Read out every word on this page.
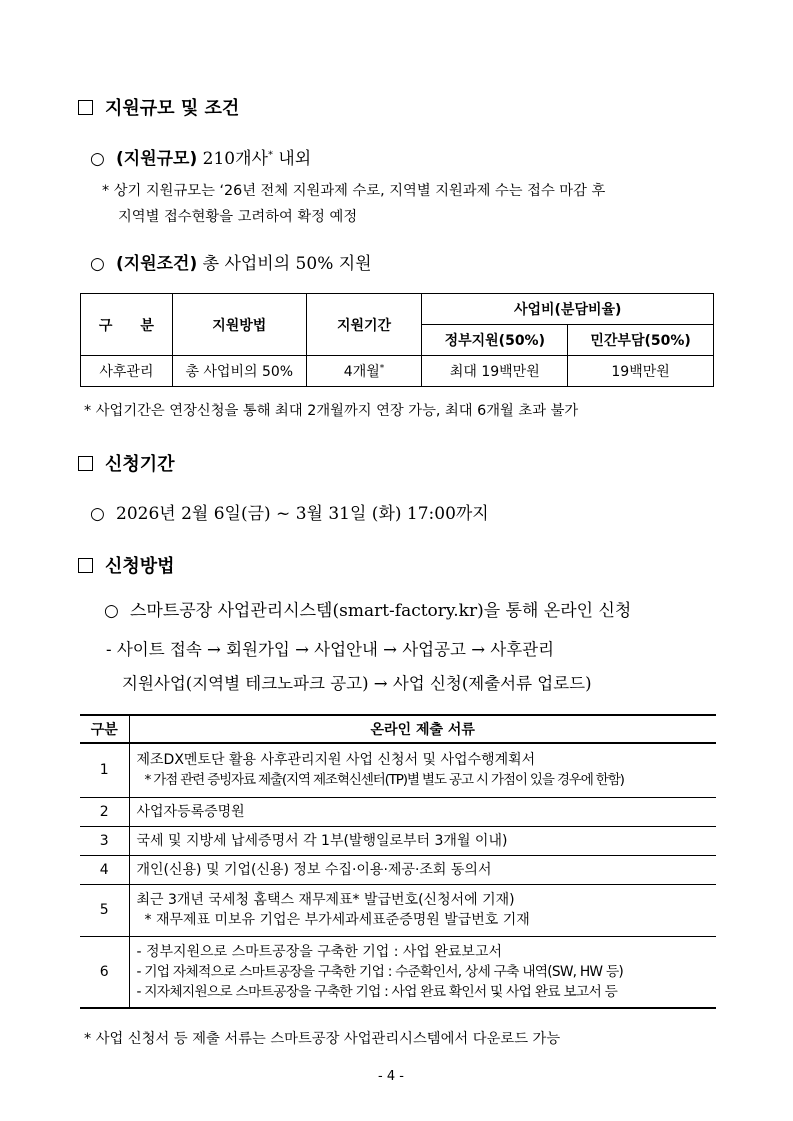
지원규모 및 조건
○ (지원규모) 210개사* 내외
* 상기 지원규모는 ‘26년 전체 지원과제 수로, 지역별 지원과제 수는 접수 마감 후
지역별 접수현황을 고려하여 확정 예정
○ (지원조건) 총 사업비의 50% 지원
구　　분	지원방법	지원기간	사업비(분담비율)	
			정부지원(50%)	민간부담(50%)
사후관리	총 사업비의 50%	4개월*	최대 19백만원	19백만원
* 사업기간은 연장신청을 통해 최대 2개월까지 연장 가능, 최대 6개월 초과 불가
신청기간
○ 2026년 2월 6일(금) ~ 3월 31일 (화) 17:00까지
신청방법
○ 스마트공장 사업관리시스템(smart-factory.kr)을 통해 온라인 신청
- 사이트 접속 → 회원가입 → 사업안내 → 사업공고 → 사후관리
지원사업(지역별 테크노파크 공고) → 사업 신청(제출서류 업로드)
구분	온라인 제출 서류
1	제조DX멘토단 활용 사후관리지원 사업 신청서 및 사업수행계획서
* 가점 관련 증빙자료 제출(지역 제조혁신센터(TP)별 별도 공고 시 가점이 있을 경우에 한함)

2	사업자등록증명원
3	국세 및 지방세 납세증명서 각 1부(발행일로부터 3개월 이내)
4	개인(신용) 및 기업(신용) 정보 수집·이용·제공·조회 동의서
5	최근 3개년 국세청 홈택스 재무제표* 발급번호(신청서에 기재)
* 재무제표 미보유 기업은 부가세과세표준증명원 발급번호 기재

6	- 정부지원으로 스마트공장을 구축한 기업 : 사업 완료보고서
- 기업 자체적으로 스마트공장을 구축한 기업 : 수준확인서, 상세 구축 내역(SW, HW 등)
- 지자체지원으로 스마트공장을 구축한 기업 : 사업 완료 확인서 및 사업 완료 보고서 등
* 사업 신청서 등 제출 서류는 스마트공장 사업관리시스템에서 다운로드 가능
- 4 -
